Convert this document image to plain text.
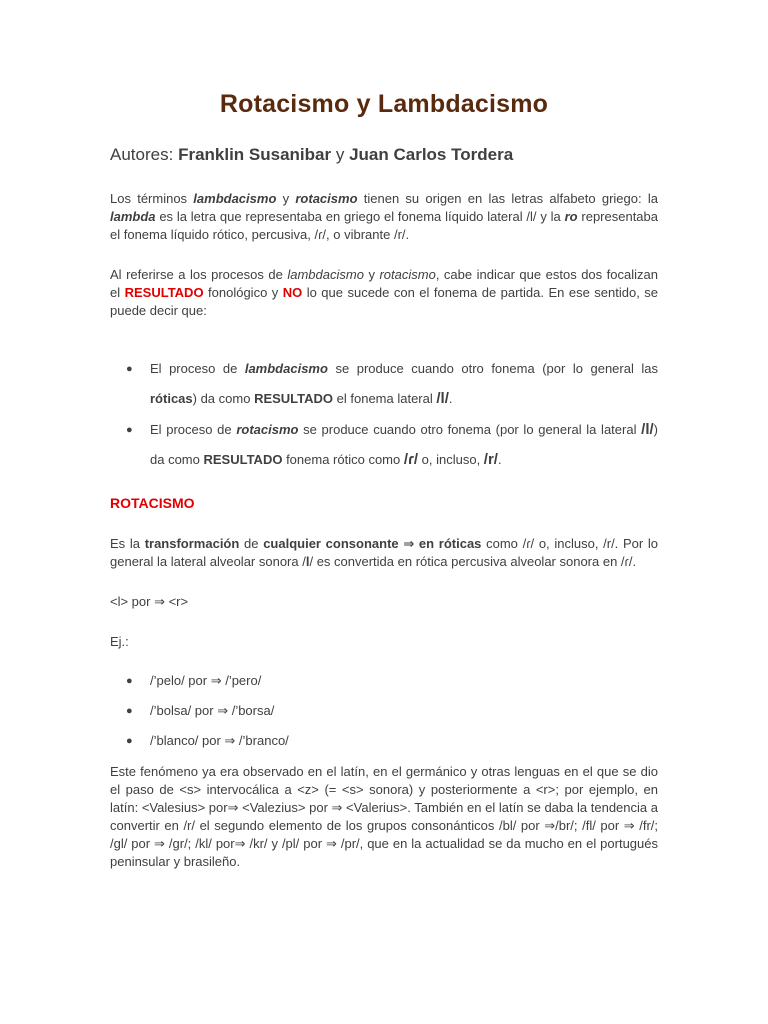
Rotacismo y Lambdacismo
Autores: Franklin Susanibar y Juan Carlos Tordera

Los términos lambdacismo y rotacismo tienen su origen en las letras alfabeto griego: la lambda es la letra que representaba en griego el fonema líquido lateral /l/ y la ro representaba el fonema líquido rótico, percusiva, /ɾ/, o vibrante /r/.

Al referirse a los procesos de lambdacismo y rotacismo, cabe indicar que estos dos focalizan el RESULTADO fonológico y NO lo que sucede con el fonema de partida. En ese sentido, se puede decir que:

● El proceso de lambdacismo se produce cuando otro fonema (por lo general las róticas) da como RESULTADO el fonema lateral /l/.
● El proceso de rotacismo se produce cuando otro fonema (por lo general la lateral /l/) da como RESULTADO fonema rótico como /ɾ/ o, incluso, /r/.
ROTACISMO

Es la transformación de cualquier consonante ⇒ en róticas como /ɾ/ o, incluso, /r/. Por lo general la lateral alveolar sonora /l/ es convertida en rótica percusiva alveolar sonora en /ɾ/.

<l> por ⇒ <r>

Ej.:

● /’pelo/ por ⇒ /’pero/
● /’bolsa/ por ⇒ /’borsa/
● /’blanco/ por ⇒ /’branco/

Este fenómeno ya era observado en el latín, en el germánico y otras lenguas en el que se dio el paso de <s> intervocálica a <z> (= <s> sonora) y posteriormente a <r>; por ejemplo, en latín: <Valesius> por⇒ <Valezius> por ⇒ <Valerius>. También en el latín se daba la tendencia a convertir en /r/ el segundo elemento de los grupos consonánticos /bl/ por ⇒/br/; /fl/ por ⇒ /fr/; /gl/ por ⇒ /gr/; /kl/ por⇒ /kr/ y /pl/ por ⇒ /pr/, que en la actualidad se da mucho en el portugués peninsular y brasileño.
